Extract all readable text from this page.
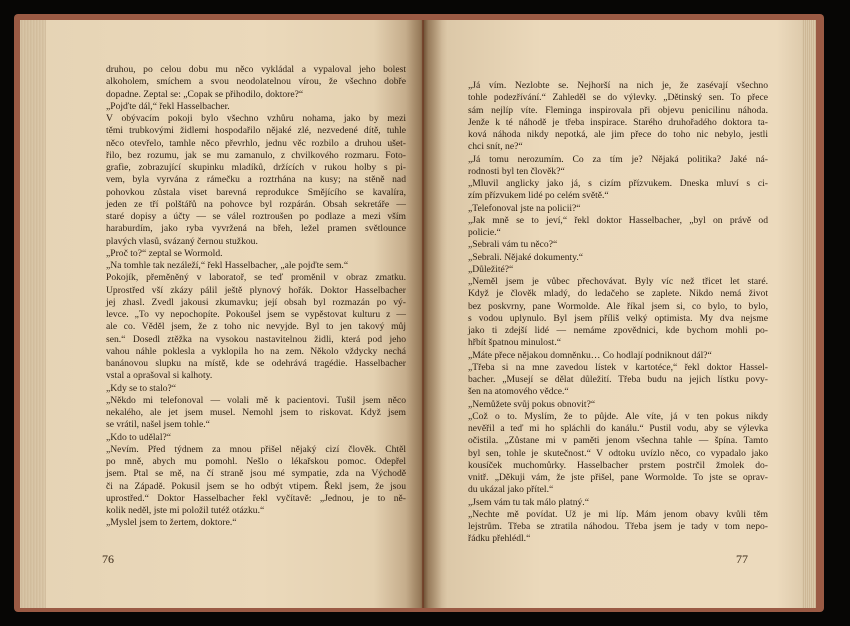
druhou, po celou dobu mu něco vykládal a vypaloval jeho bolest
alkoholem, smíchem a svou neodolatelnou vírou, že všechno dobře
dopadne. Zeptal se: „Copak se přihodilo, doktore?“
„Pojďte dál,“ řekl Hasselbacher.
V obývacím pokoji bylo všechno vzhůru nohama, jako by mezi
těmi trubkovými židlemi hospodařilo nějaké zlé, nezvedené dítě, tuhle
něco otevřelo, tamhle něco převrhlo, jednu věc rozbilo a druhou ušet-
řilo, bez rozumu, jak se mu zamanulo, z chvilkového rozmaru. Foto-
grafie, zobrazující skupinku mladíků, držících v rukou holby s pi-
vem, byla vyrvána z rámečku a roztrhána na kusy; na stěně nad
pohovkou zůstala viset barevná reprodukce Smějícího se kavalíra,
jeden ze tří polštářů na pohovce byl rozpárán. Obsah sekretáře —
staré dopisy a účty — se válel roztroušen po podlaze a mezi vším
haraburdím, jako ryba vyvržená na břeh, ležel pramen světlounce
plavých vlasů, svázaný černou stužkou.
„Proč to?“ zeptal se Wormold.
„Na tomhle tak nezáleží,“ řekl Hasselbacher, „ale pojďte sem.“
Pokojík, přeměněný v laboratoř, se teď proměnil v obraz zmatku.
Uprostřed vší zkázy pálil ještě plynový hořák. Doktor Hasselbacher
jej zhasl. Zvedl jakousi zkumavku; její obsah byl rozmazán po vý-
levce. „To vy nepochopíte. Pokoušel jsem se vypěstovat kulturu z —
ale co. Věděl jsem, že z toho nic nevyjde. Byl to jen takový můj
sen.“ Dosedl ztěžka na vysokou nastavitelnou židli, která pod jeho
vahou náhle poklesla a vyklopila ho na zem. Několo vždycky nechá
banánovou slupku na místě, kde se odehrává tragédie. Hasselbacher
vstal a oprašoval si kalhoty.
„Kdy se to stalo?“
„Někdo mi telefonoval — volali mě k pacientovi. Tušil jsem něco
nekalého, ale jet jsem musel. Nemohl jsem to riskovat. Když jsem
se vrátil, našel jsem tohle.“
„Kdo to udělal?“
„Nevím. Před týdnem za mnou přišel nějaký cizí člověk. Chtěl
po mně, abych mu pomohl. Nešlo o lékařskou pomoc. Odepřel
jsem. Ptal se mě, na čí straně jsou mé sympatie, zda na Východě
či na Západě. Pokusil jsem se ho odbýt vtipem. Řekl jsem, že jsou
uprostřed.“ Doktor Hasselbacher řekl vyčítavě: „Jednou, je to ně-
kolik neděl, jste mi položil tutéž otázku.“
„Myslel jsem to žertem, doktore.“
76
„Já vím. Nezlobte se. Nejhorší na nich je, že zasévají všechno
tohle podezřívání.“ Zahleděl se do výlevky. „Dětinský sen. To přece
sám nejlíp víte. Fleminga inspirovala při objevu penicilinu náhoda.
Jenže k té náhodě je třeba inspirace. Starého druhořadého doktora ta-
ková náhoda nikdy nepotká, ale jim přece do toho nic nebylo, jestli
chci snít, ne?“
„Já tomu nerozumím. Co za tím je? Nějaká politika? Jaké ná-
rodnosti byl ten člověk?“
„Mluvil anglicky jako já, s cizím přízvukem. Dneska mluví s ci-
zím přízvukem lidé po celém světě.“
„Telefonoval jste na policii?“
„Jak mně se to jeví,“ řekl doktor Hasselbacher, „byl on právě od
policie.“
„Sebrali vám tu něco?“
„Sebrali. Nějaké dokumenty.“
„Důležité?“
„Neměl jsem je vůbec přechovávat. Byly víc než třicet let staré.
Když je člověk mladý, do ledačeho se zaplete. Nikdo nemá život
bez poskvrny, pane Wormolde. Ale říkal jsem si, co bylo, to bylo,
s vodou uplynulo. Byl jsem příliš velký optimista. My dva nejsme
jako ti zdejší lidé — nemáme zpovědnici, kde bychom mohli po-
hřbít špatnou minulost.“
„Máte přece nějakou domněnku… Co hodlají podniknout dál?“
„Třeba si na mne zavedou lístek v kartotéce,“ řekl doktor Hassel-
bacher. „Musejí se dělat důležití. Třeba budu na jejich lístku povy-
šen na atomového vědce.“
„Nemůžete svůj pokus obnovit?“
„Což o to. Myslím, že to půjde. Ale víte, já v ten pokus nikdy
nevěřil a teď mi ho spláchli do kanálu.“ Pustil vodu, aby se výlevka
očistila. „Zůstane mi v paměti jenom všechna tahle — špína. Tamto
byl sen, tohle je skutečnost.“ V odtoku uvízlo něco, co vypadalo jako
kousíček muchomůrky. Hasselbacher prstem postrčil žmolek do-
vnitř. „Děkuji vám, že jste přišel, pane Wormolde. To jste se oprav-
du ukázal jako přítel.“
„Jsem vám tu tak málo platný.“
„Nechte mě povídat. Už je mi líp. Mám jenom obavy kvůli těm
lejstrům. Třeba se ztratila náhodou. Třeba jsem je tady v tom nepo-
řádku přehlédl.“
77
